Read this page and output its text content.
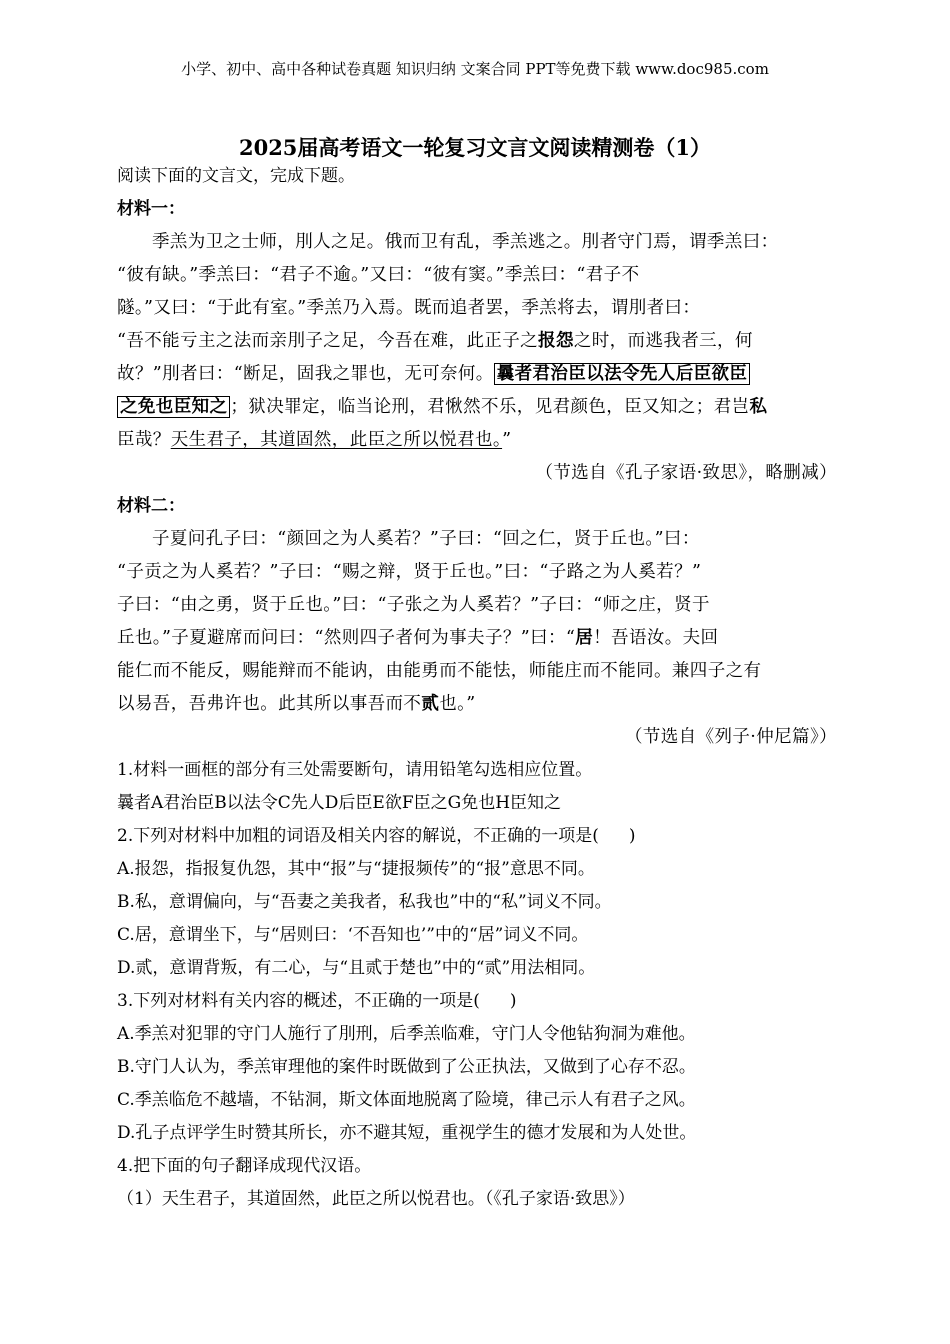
小学、初中、高中各种试卷真题 知识归纳 文案合同 PPT等免费下载 www.doc985.com
2025届高考语文一轮复习文言文阅读精测卷（1）
阅读下面的文言文，完成下题。
材料一：
季羔为卫之士师，刖人之足。俄而卫有乱，季羔逃之。刖者守门焉，谓季羔曰：
“彼有缺。”季羔曰：“君子不逾。”又曰：“彼有窦。”季羔曰：“君子不
隧。”又曰：“于此有室。”季羔乃入焉。既而追者罢，季羔将去，谓刖者曰：
“吾不能亏主之法而亲刖子之足，今吾在难，此正子之报怨之时，而逃我者三，何
故？”刖者曰：“断足，固我之罪也，无可奈何。 曩者君治臣以法令先人后臣欲臣
之免也臣知之 ；狱决罪定，临当论刑，君愀然不乐，见君颜色，臣又知之；君岂私
臣哉？天生君子，其道固然，此臣之所以悦君也。”
（节选自《孔子家语·致思》，略删减）
材料二：
子夏问孔子曰：“颜回之为人奚若？”子曰：“回之仁，贤于丘也。”曰：
“子贡之为人奚若？”子曰：“赐之辩，贤于丘也。”曰：“子路之为人奚若？”
子曰：“由之勇，贤于丘也。”曰：“子张之为人奚若？”子曰：“师之庄，贤于
丘也。”子夏避席而问曰：“然则四子者何为事夫子？”曰：“居！吾语汝。夫回
能仁而不能反，赐能辩而不能讷，由能勇而不能怯，师能庄而不能同。兼四子之有
以易吾，吾弗许也。此其所以事吾而不贰也。”
（节选自《列子·仲尼篇》）
1.材料一画框的部分有三处需要断句，请用铅笔勾选相应位置。
曩者A君治臣B以法令C先人D后臣E欲F臣之G免也H臣知之
2.下列对材料中加粗的词语及相关内容的解说，不正确的一项是( )
A.报怨，指报复仇怨，其中“报”与“捷报频传”的“报”意思不同。
B.私，意谓偏向，与“吾妻之美我者，私我也”中的“私”词义不同。
C.居，意谓坐下，与“居则曰：‘不吾知也’”中的“居”词义不同。
D.贰，意谓背叛，有二心，与“且贰于楚也”中的“贰”用法相同。
3.下列对材料有关内容的概述，不正确的一项是( )
A.季羔对犯罪的守门人施行了刖刑，后季羔临难，守门人令他钻狗洞为难他。
B.守门人认为，季羔审理他的案件时既做到了公正执法，又做到了心存不忍。
C.季羔临危不越墙，不钻洞，斯文体面地脱离了险境，律己示人有君子之风。
D.孔子点评学生时赞其所长，亦不避其短，重视学生的德才发展和为人处世。
4.把下面的句子翻译成现代汉语。
（1）天生君子，其道固然，此臣之所以悦君也。（《孔子家语·致思》）
